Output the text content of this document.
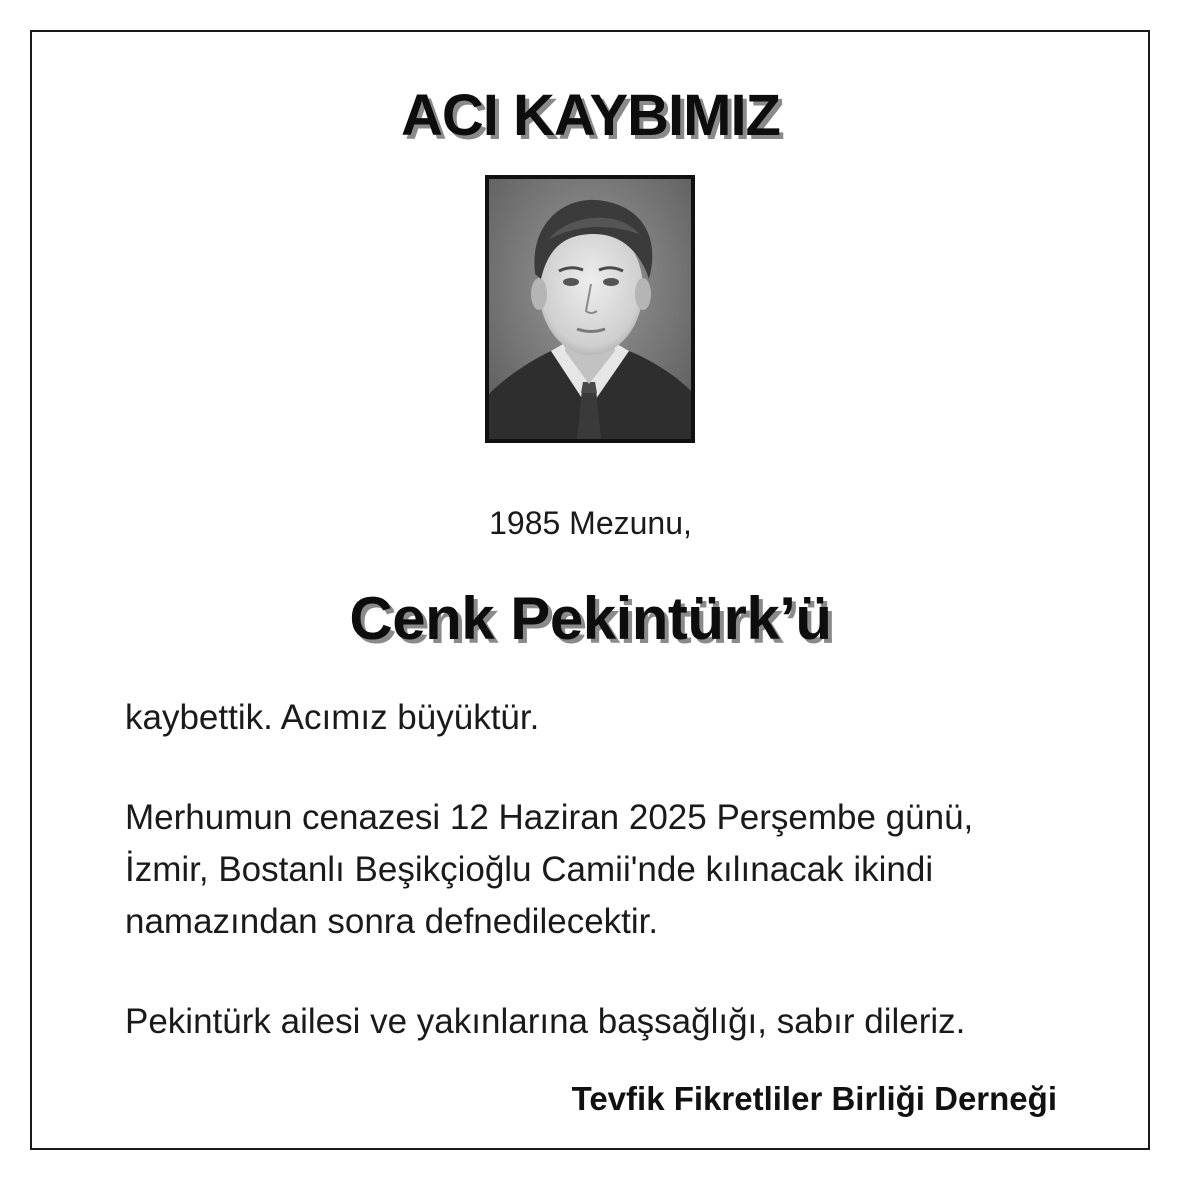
ACI KAYBIMIZ
1985 Mezunu,
Cenk Pekintürk’ü
kaybettik. Acımız büyüktür.
Merhumun cenazesi 12 Haziran 2025 Perşembe günü,
İzmir, Bostanlı Beşikçioğlu Camii'nde kılınacak ikindi
namazından sonra defnedilecektir.
Pekintürk ailesi ve yakınlarına başsağlığı, sabır dileriz.
Tevfik Fikretliler Birliği Derneği
